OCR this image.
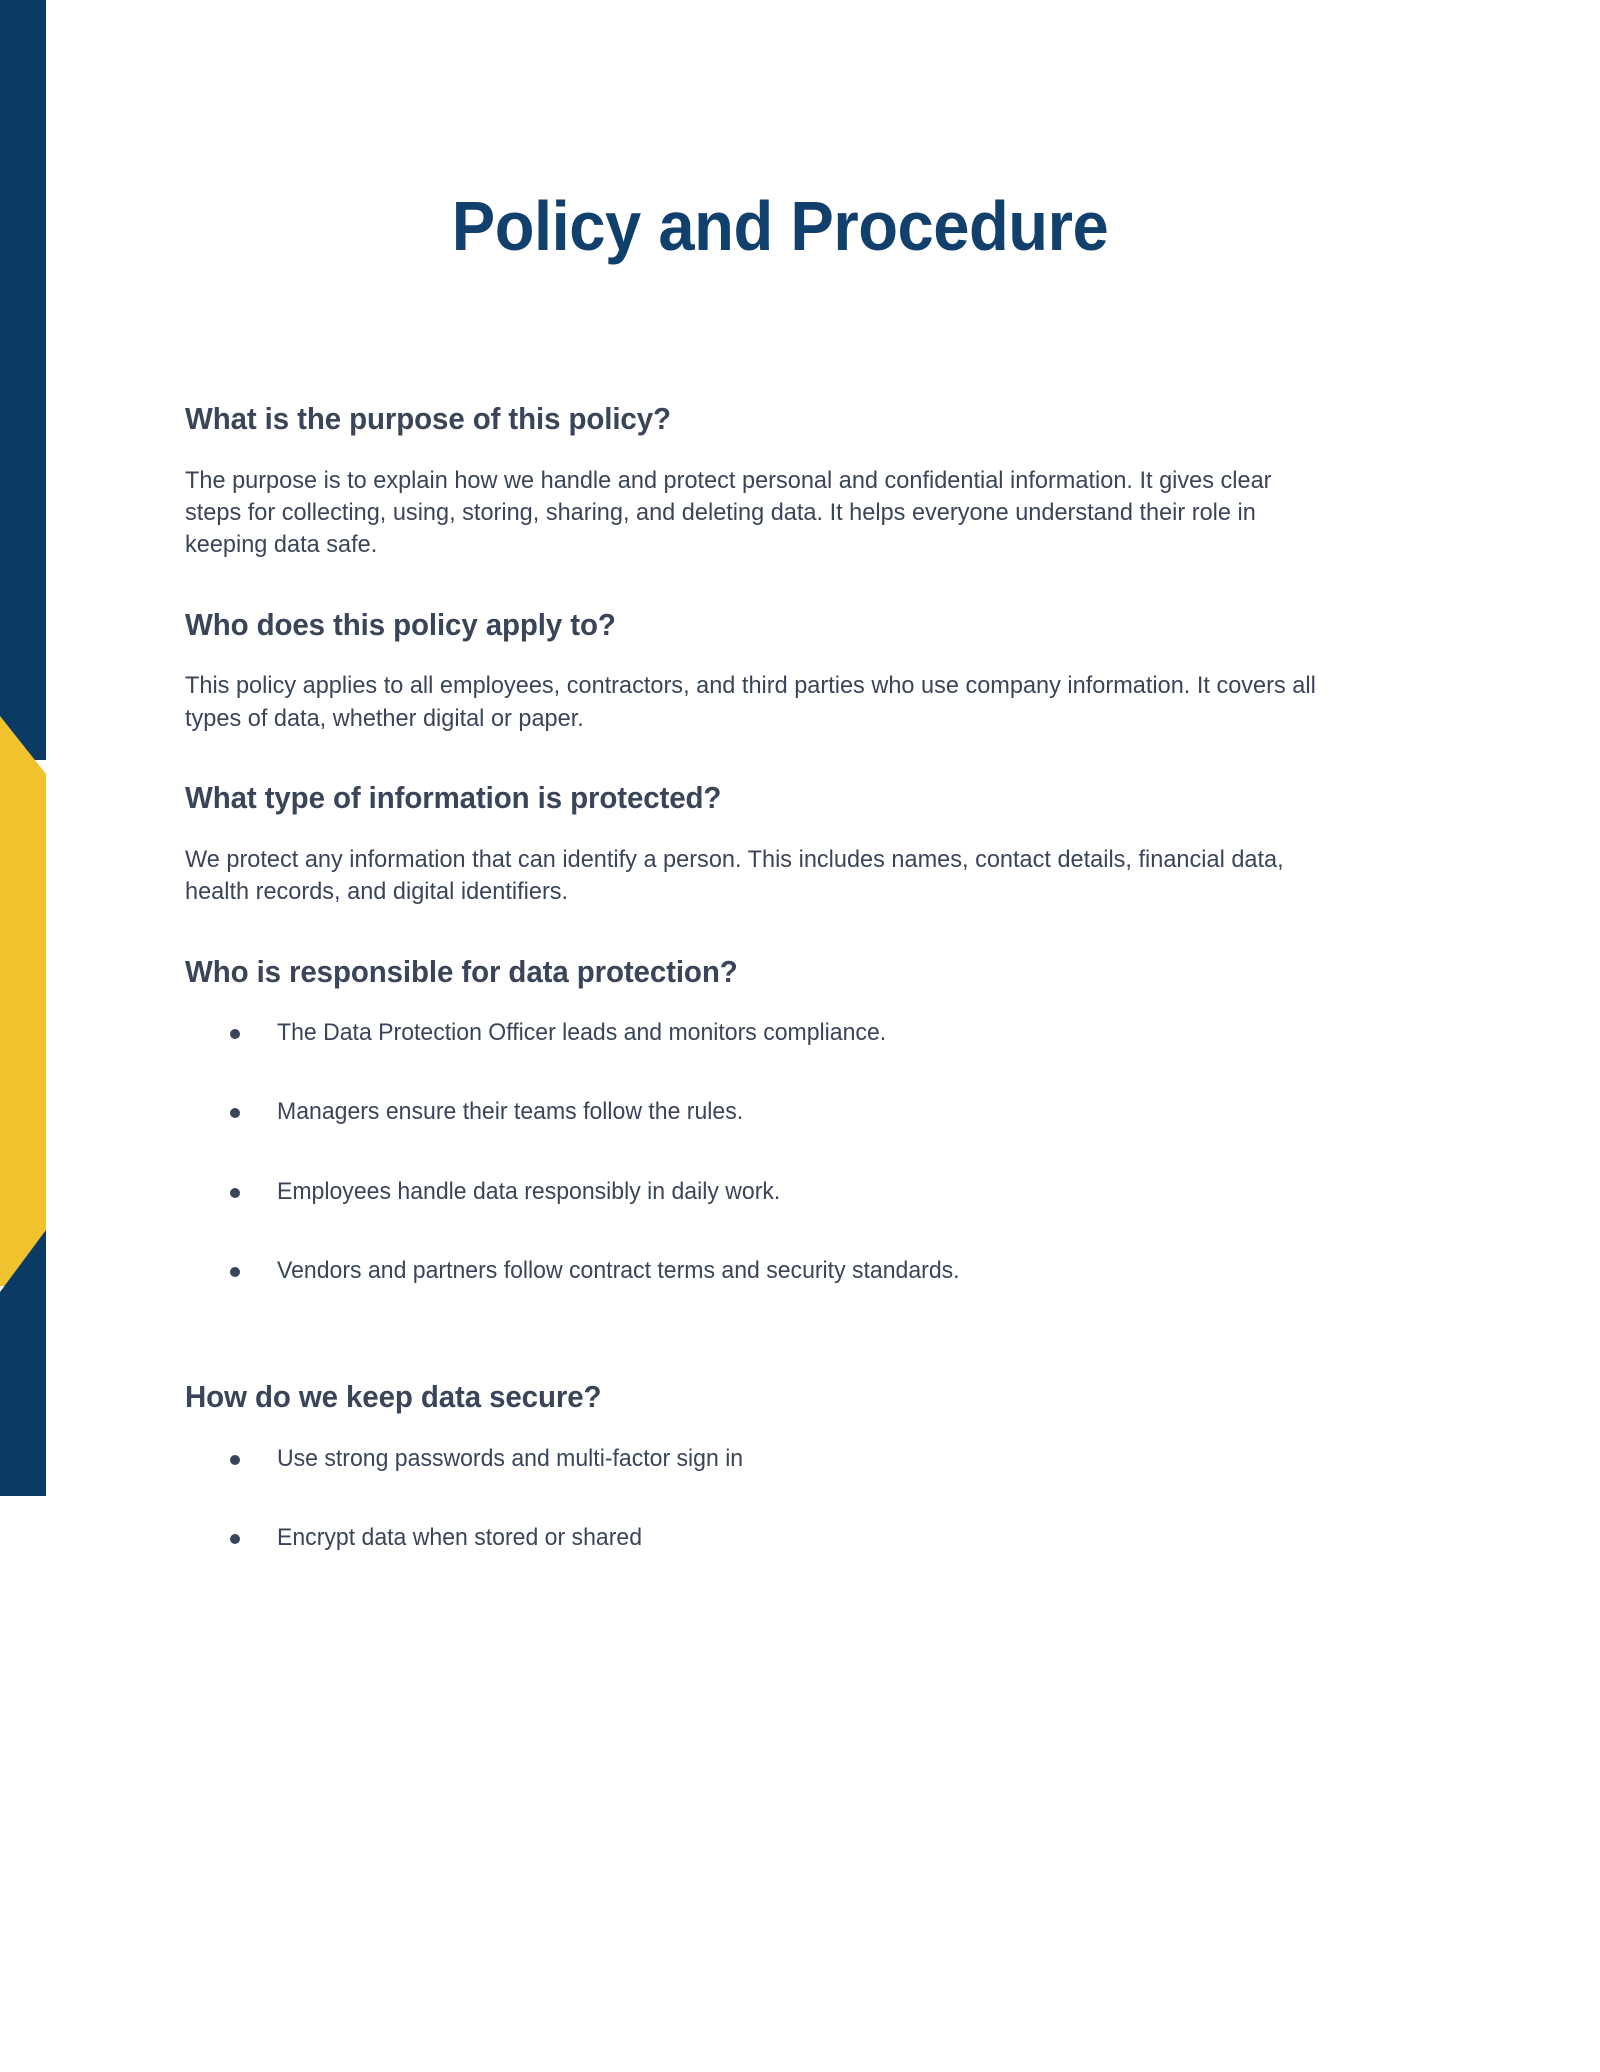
Policy and Procedure
What is the purpose of this policy?

The purpose is to explain how we handle and protect personal and confidential information. It gives clear steps for collecting, using, storing, sharing, and deleting data. It helps everyone understand their role in keeping data safe.

Who does this policy apply to?

This policy applies to all employees, contractors, and third parties who use company information. It covers all types of data, whether digital or paper.

What type of information is protected?

We protect any information that can identify a person. This includes names, contact details, financial data, health records, and digital identifiers.

Who is responsible for data protection?
The Data Protection Officer leads and monitors compliance.
Managers ensure their teams follow the rules.
Employees handle data responsibly in daily work.
Vendors and partners follow contract terms and security standards.
How do we keep data secure?
Use strong passwords and multi-factor sign in
Encrypt data when stored or shared
